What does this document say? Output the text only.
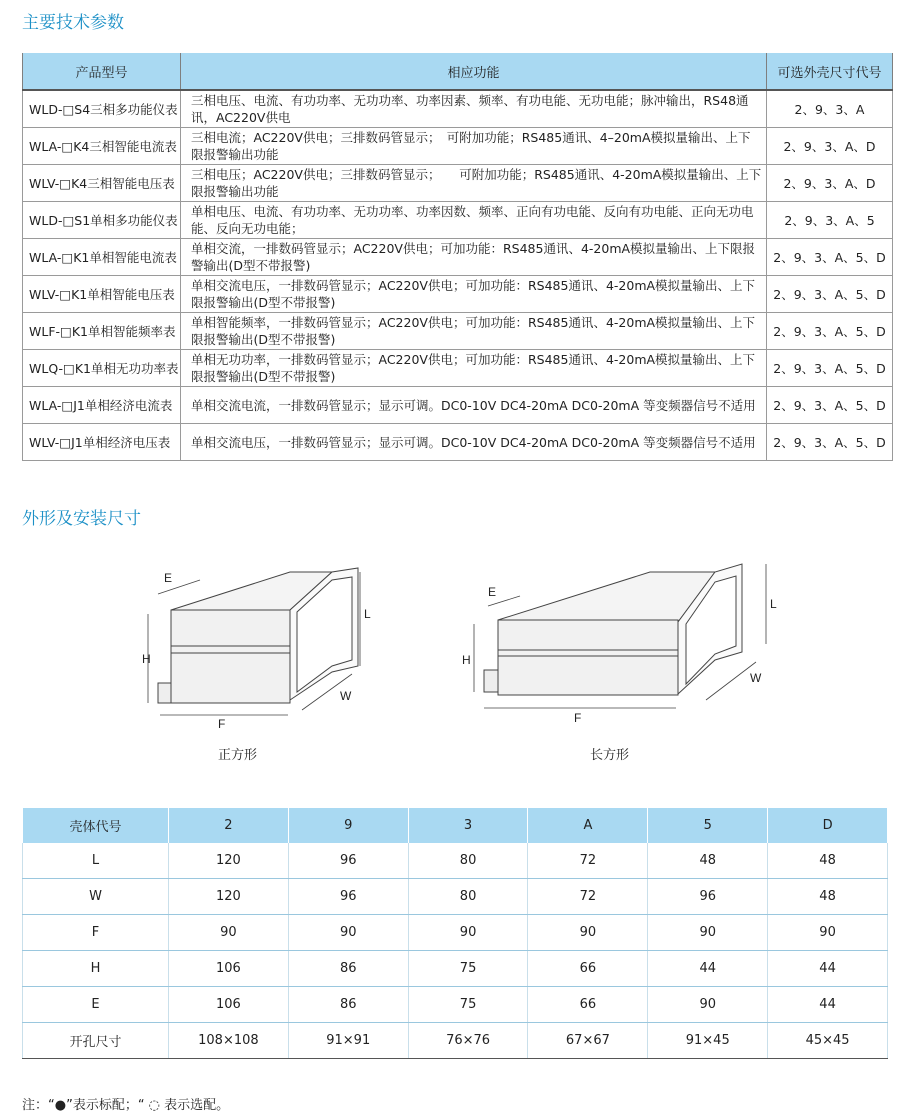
主要技术参数
产品型号	相应功能	可选外壳尺寸代号
WLD-□S4三相多功能仪表	三相电压、电流、有功功率、无功功率、功率因素、频率、有功电能、无功电能；脉冲输出，RS48通讯，AC220V供电	2、9、3、A
WLA-□K4三相智能电流表	三相电流；AC220V供电；三排数码管显示；　可附加功能；RS485通讯、4–20mA模拟量输出、上下限报警输出功能	2、9、3、A、D
WLV-□K4三相智能电压表	三相电压；AC220V供电；三排数码管显示；　　可附加功能；RS485通讯、4-20mA模拟量输出、上下限报警输出功能	2、9、3、A、D
WLD-□S1单相多功能仪表	单相电压、电流、有功功率、无功功率、功率因数、频率、正向有功电能、反向有功电能、正向无功电能、反向无功电能；	2、9、3、A、5
WLA-□K1单相智能电流表	单相交流，一排数码管显示；AC220V供电；可加功能：RS485通讯、4-20mA模拟量输出、上下限报警输出(D型不带报警)	2、9、3、A、5、D
WLV-□K1单相智能电压表	单相交流电压，一排数码管显示；AC220V供电；可加功能：RS485通讯、4-20mA模拟量输出、上下限报警输出(D型不带报警)	2、9、3、A、5、D
WLF-□K1单相智能频率表	单相智能频率，一排数码管显示；AC220V供电；可加功能：RS485通讯、4-20mA模拟量输出、上下限报警输出(D型不带报警)	2、9、3、A、5、D
WLQ-□K1单相无功功率表	单相无功功率，一排数码管显示；AC220V供电；可加功能：RS485通讯、4-20mA模拟量输出、上下限报警输出(D型不带报警)	2、9、3、A、5、D
WLA-□J1单相经济电流表	单相交流电流，一排数码管显示；显示可调。DC0-10V DC4-20mA DC0-20mA 等变频器信号不适用	2、9、3、A、5、D
WLV-□J1单相经济电压表	单相交流电压，一排数码管显示；显示可调。DC0-10V DC4-20mA DC0-20mA 等变频器信号不适用	2、9、3、A、5、D
外形及安装尺寸
E
H
L
W
F
正方形
E
H
L
W
F
长方形
壳体代号	2	9	3	A	5	D
L	120	96	80	72	48	48
W	120	96	80	72	96	48
F	90	90	90	90	90	90
H	106	86	75	66	44	44
E	106	86	75	66	90	44
开孔尺寸	108×108	91×91	76×76	67×67	91×45	45×45
注：“●”表示标配；“ ◌ 表示选配。
